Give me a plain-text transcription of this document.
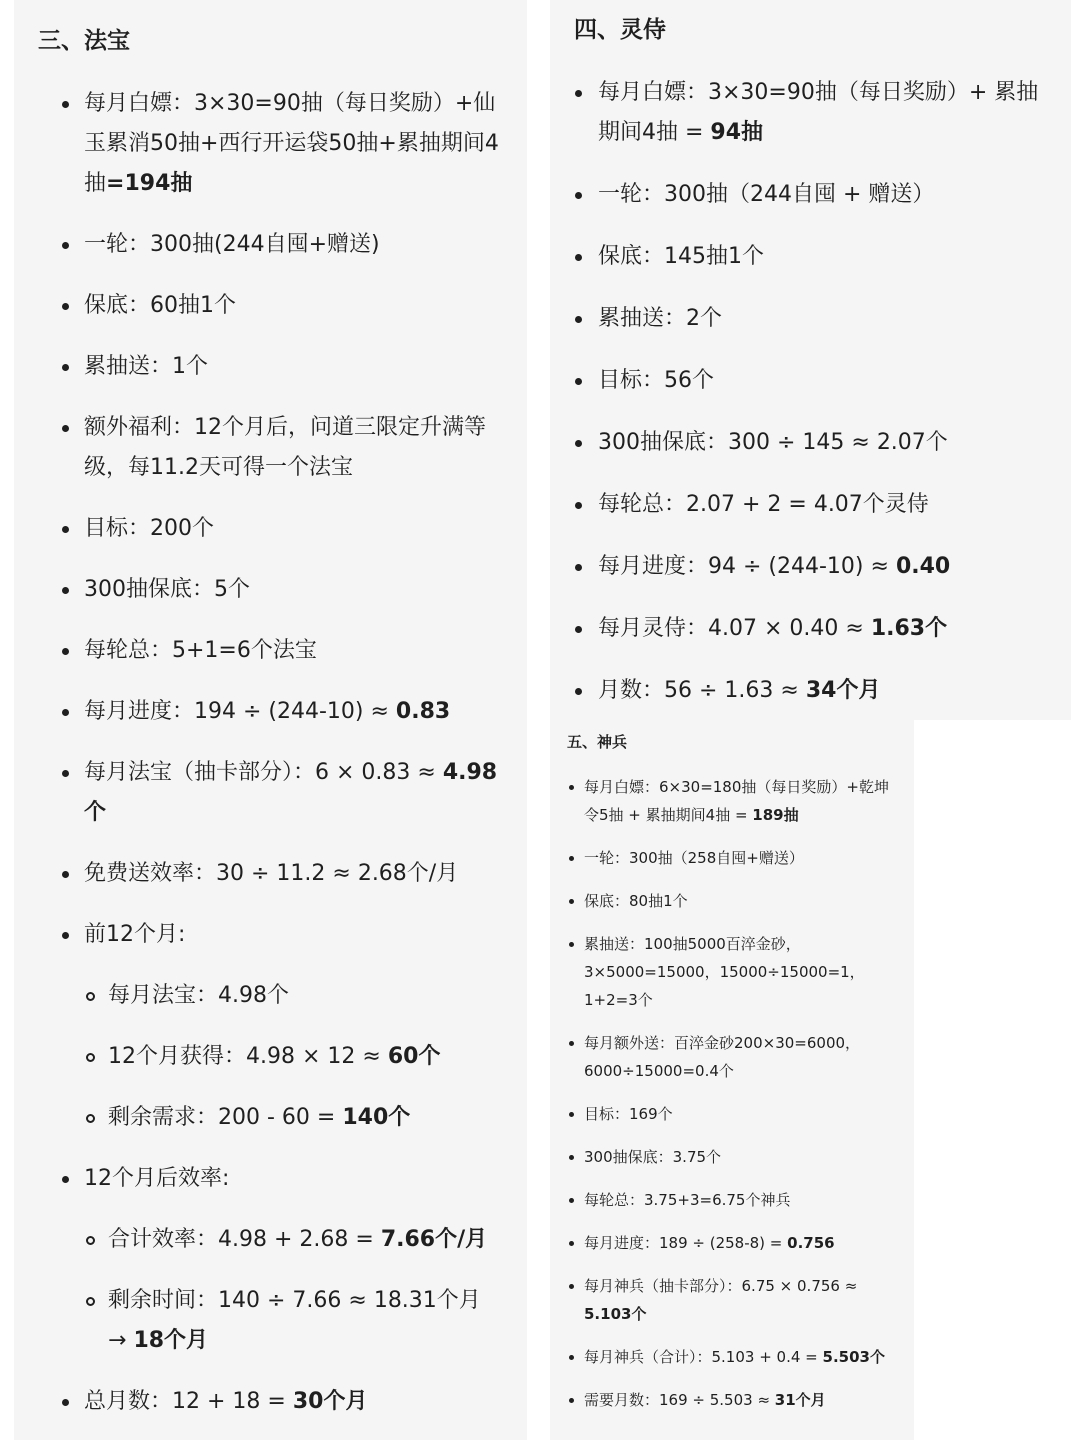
三、法宝
每月白嫖：3×30=90抽（每日奖励）+仙玉累消50抽+西行开运袋50抽+累抽期间4抽=194抽
一轮：300抽(244自囤+赠送)
保底：60抽1个
累抽送：1个
额外福利：12个月后，问道三限定升满等级，每11.2天可得一个法宝
目标：200个
300抽保底：5个
每轮总：5+1=6个法宝
每月进度：194 ÷ (244-10) ≈ 0.83
每月法宝（抽卡部分）：6 × 0.83 ≈ 4.98个
免费送效率：30 ÷ 11.2 ≈ 2.68个/月
前12个月:
每月法宝：4.98个
12个月获得：4.98 × 12 ≈ 60个
剩余需求：200 - 60 = 140个
12个月后效率:
合计效率：4.98 + 2.68 = 7.66个/月
剩余时间：140 ÷ 7.66 ≈ 18.31个月 → 18个月
总月数：12 + 18 = 30个月
四、灵侍
每月白嫖：3×30=90抽（每日奖励）+ 累抽期间4抽 = 94抽
一轮：300抽（244自囤 + 赠送）
保底：145抽1个
累抽送：2个
目标：56个
300抽保底：300 ÷ 145 ≈ 2.07个
每轮总：2.07 + 2 = 4.07个灵侍
每月进度：94 ÷ (244-10) ≈ 0.40
每月灵侍：4.07 × 0.40 ≈ 1.63个
月数：56 ÷ 1.63 ≈ 34个月
五、神兵
每月白嫖：6×30=180抽（每日奖励）+乾坤令5抽 + 累抽期间4抽 = 189抽
一轮：300抽（258自囤+赠送）
保底：80抽1个
累抽送：100抽5000百淬金砂，3×5000=15000，15000÷15000=1，1+2=3个
每月额外送：百淬金砂200×30=6000，6000÷15000=0.4个
目标：169个
300抽保底：3.75个
每轮总：3.75+3=6.75个神兵
每月进度：189 ÷ (258-8) = 0.756
每月神兵（抽卡部分）：6.75 × 0.756 ≈ 5.103个
每月神兵（合计）：5.103 + 0.4 = 5.503个
需要月数：169 ÷ 5.503 ≈ 31个月
